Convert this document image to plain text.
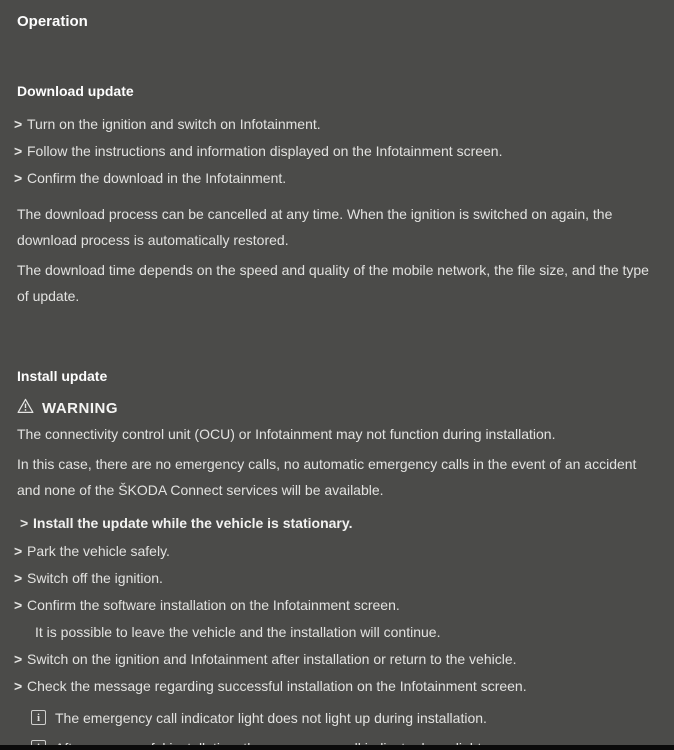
Operation
Download update
> Turn on the ignition and switch on Infotainment.
> Follow the instructions and information displayed on the Infotainment screen.
> Confirm the download in the Infotainment.

The download process can be cancelled at any time. When the ignition is switched on again, the download process is automatically restored.

The download time depends on the speed and quality of the mobile network, the file size, and the type of update.

Install update
WARNING

The connectivity control unit (OCU) or Infotainment may not function during installation.

In this case, there are no emergency calls, no automatic emergency calls in the event of an accident and none of the ŠKODA Connect services will be available.

> Install the update while the vehicle is stationary.
> Park the vehicle safely.
> Switch off the ignition.
> Confirm the software installation on the Infotainment screen.
It is possible to leave the vehicle and the installation will continue.
> Switch on the ignition and Infotainment after installation or return to the vehicle.
> Check the message regarding successful installation on the Infotainment screen.
i	The emergency call indicator light does not light up during installation.
